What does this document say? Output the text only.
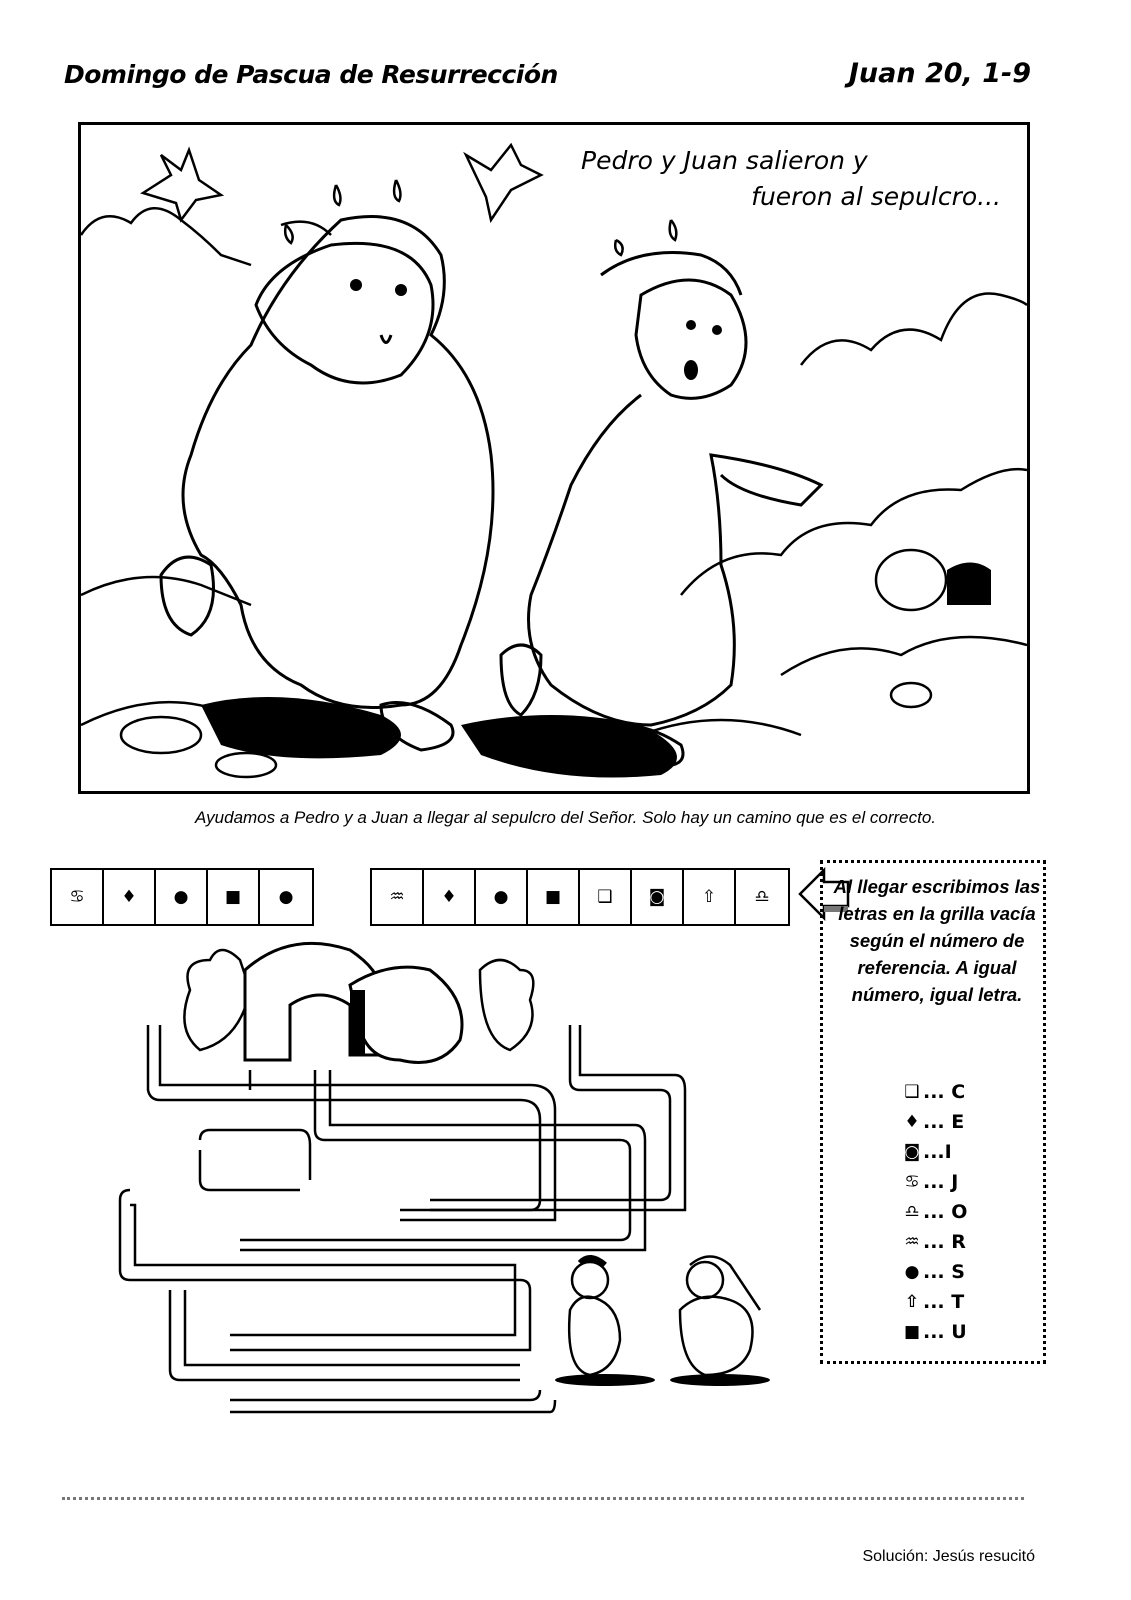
Domingo de Pascua de Resurrección	Juan 20, 1-9
Pedro y Juan salieron y
fueron al sepulcro...
Ayudamos a Pedro y a Juan a llegar al sepulcro del Señor. Solo hay un camino que es el correcto.
♋	♦	●	■	●	♒	♦	●	■	❑	◙	⇧	♎	Al llegar escribimos las letras en la grilla vacía según el número de referencia. A igual número, igual letra.
❑ ... C
♦ ... E
◙ ...I
♋ ... J
♎ ... O
♒ ... R
● ... S
⇧ ... T
■ ... U
Solución: Jesús resucitó
